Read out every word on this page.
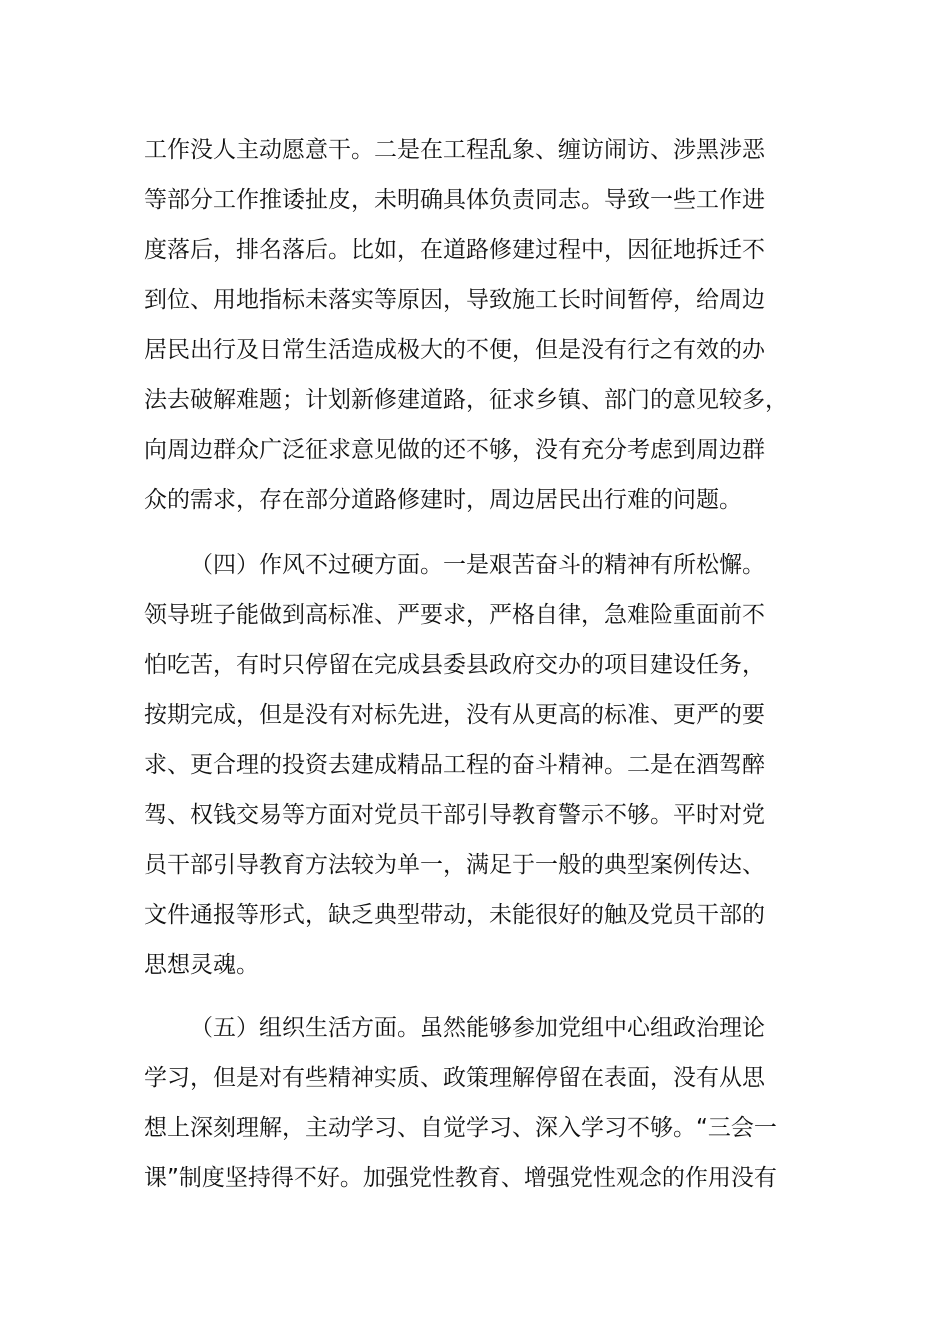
工作没人主动愿意干。二是在工程乱象、缠访闹访、涉黑涉恶
等部分工作推诿扯皮，未明确具体负责同志。导致一些工作进
度落后，排名落后。比如，在道路修建过程中，因征地拆迁不
到位、用地指标未落实等原因，导致施工长时间暂停，给周边
居民出行及日常生活造成极大的不便，但是没有行之有效的办
法去破解难题；计划新修建道路，征求乡镇、部门的意见较多，
向周边群众广泛征求意见做的还不够，没有充分考虑到周边群
众的需求，存在部分道路修建时，周边居民出行难的问题。
（四）作风不过硬方面。一是艰苦奋斗的精神有所松懈。
领导班子能做到高标准、严要求，严格自律，急难险重面前不
怕吃苦，有时只停留在完成县委县政府交办的项目建设任务，
按期完成，但是没有对标先进，没有从更高的标准、更严的要
求、更合理的投资去建成精品工程的奋斗精神。二是在酒驾醉
驾、权钱交易等方面对党员干部引导教育警示不够。平时对党
员干部引导教育方法较为单一，满足于一般的典型案例传达、
文件通报等形式，缺乏典型带动，未能很好的触及党员干部的
思想灵魂。
（五）组织生活方面。虽然能够参加党组中心组政治理论
学习，但是对有些精神实质、政策理解停留在表面，没有从思
想上深刻理解，主动学习、自觉学习、深入学习不够。“三会一
课”制度坚持得不好。加强党性教育、增强党性观念的作用没有
